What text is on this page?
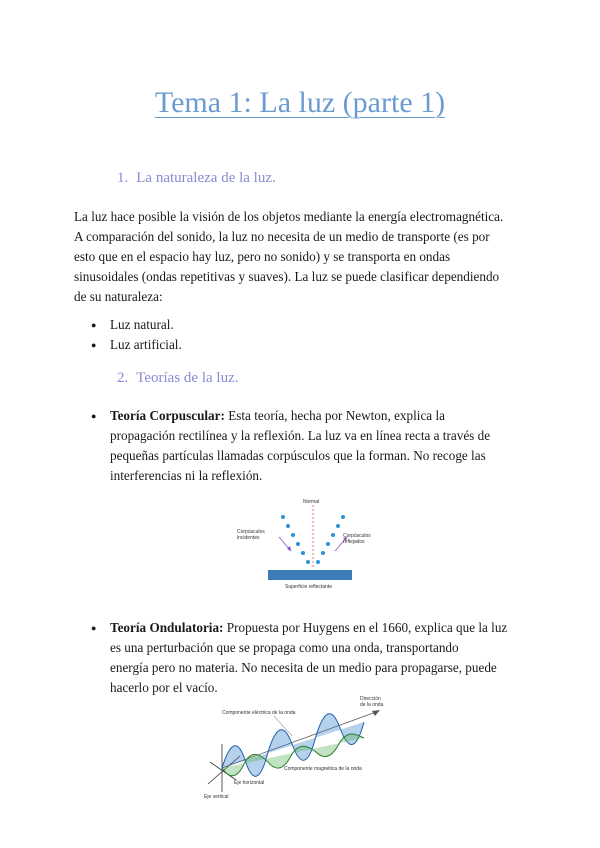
Tema 1: La luz (parte 1)
1. La naturaleza de la luz.
La luz hace posible la visión de los objetos mediante la energía electromagnética.
A comparación del sonido, la luz no necesita de un medio de transporte (es por
esto que en el espacio hay luz, pero no sonido) y se transporta en ondas
sinusoidales (ondas repetitivas y suaves). La luz se puede clasificar dependiendo
de su naturaleza:
● Luz natural.
● Luz artificial.
2. Teorías de la luz.
● Teoría Corpuscular: Esta teoría, hecha por Newton, explica la
propagación rectilínea y la reflexión. La luz va en línea recta a través de
pequeñas partículas llamadas corpúsculos que la forman. No recoge las
interferencias ni la reflexión.
Normal
Corpúsculos
incidentes	Corpúsculos
reflejados
Superficie reflectante
● Teoría Ondulatoria: Propuesta por Huygens en el 1660, explica que la luz
es una perturbación que se propaga como una onda, transportando
energía pero no materia. No necesita de un medio para propagarse, puede
hacerlo por el vacío.
Componente eléctrica de la onda
Dirección
de la onda
Componente magnética de la onda
Eje horizontal
Eje vertical
